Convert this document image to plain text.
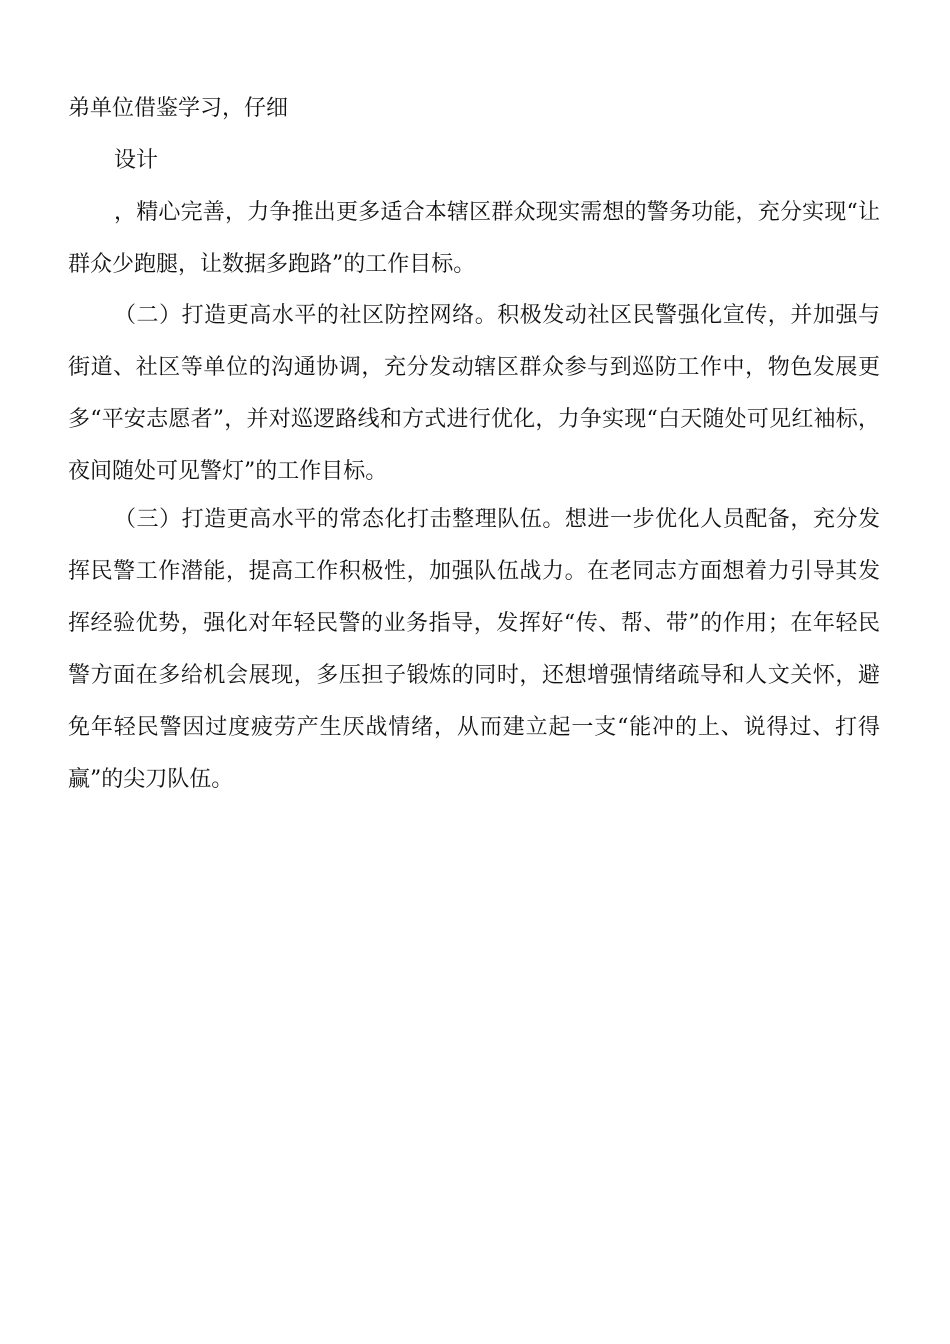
弟单位借鉴学习，仔细
设计
，精心完善，力争推出更多适合本辖区群众现实需想的警务功能，充分实现“让群众少跑腿，让数据多跑路”的工作目标。
（二）打造更高水平的社区防控网络。积极发动社区民警强化宣传，并加强与街道、社区等单位的沟通协调，充分发动辖区群众参与到巡防工作中，物色发展更多“平安志愿者”，并对巡逻路线和方式进行优化，力争实现“白天随处可见红袖标，夜间随处可见警灯”的工作目标。
（三）打造更高水平的常态化打击整理队伍。想进一步优化人员配备，充分发挥民警工作潜能，提高工作积极性，加强队伍战力。在老同志方面想着力引导其发挥经验优势，强化对年轻民警的业务指导，发挥好“传、帮、带”的作用；在年轻民警方面在多给机会展现，多压担子锻炼的同时，还想增强情绪疏导和人文关怀，避免年轻民警因过度疲劳产生厌战情绪，从而建立起一支“能冲的上、说得过、打得赢”的尖刀队伍。
